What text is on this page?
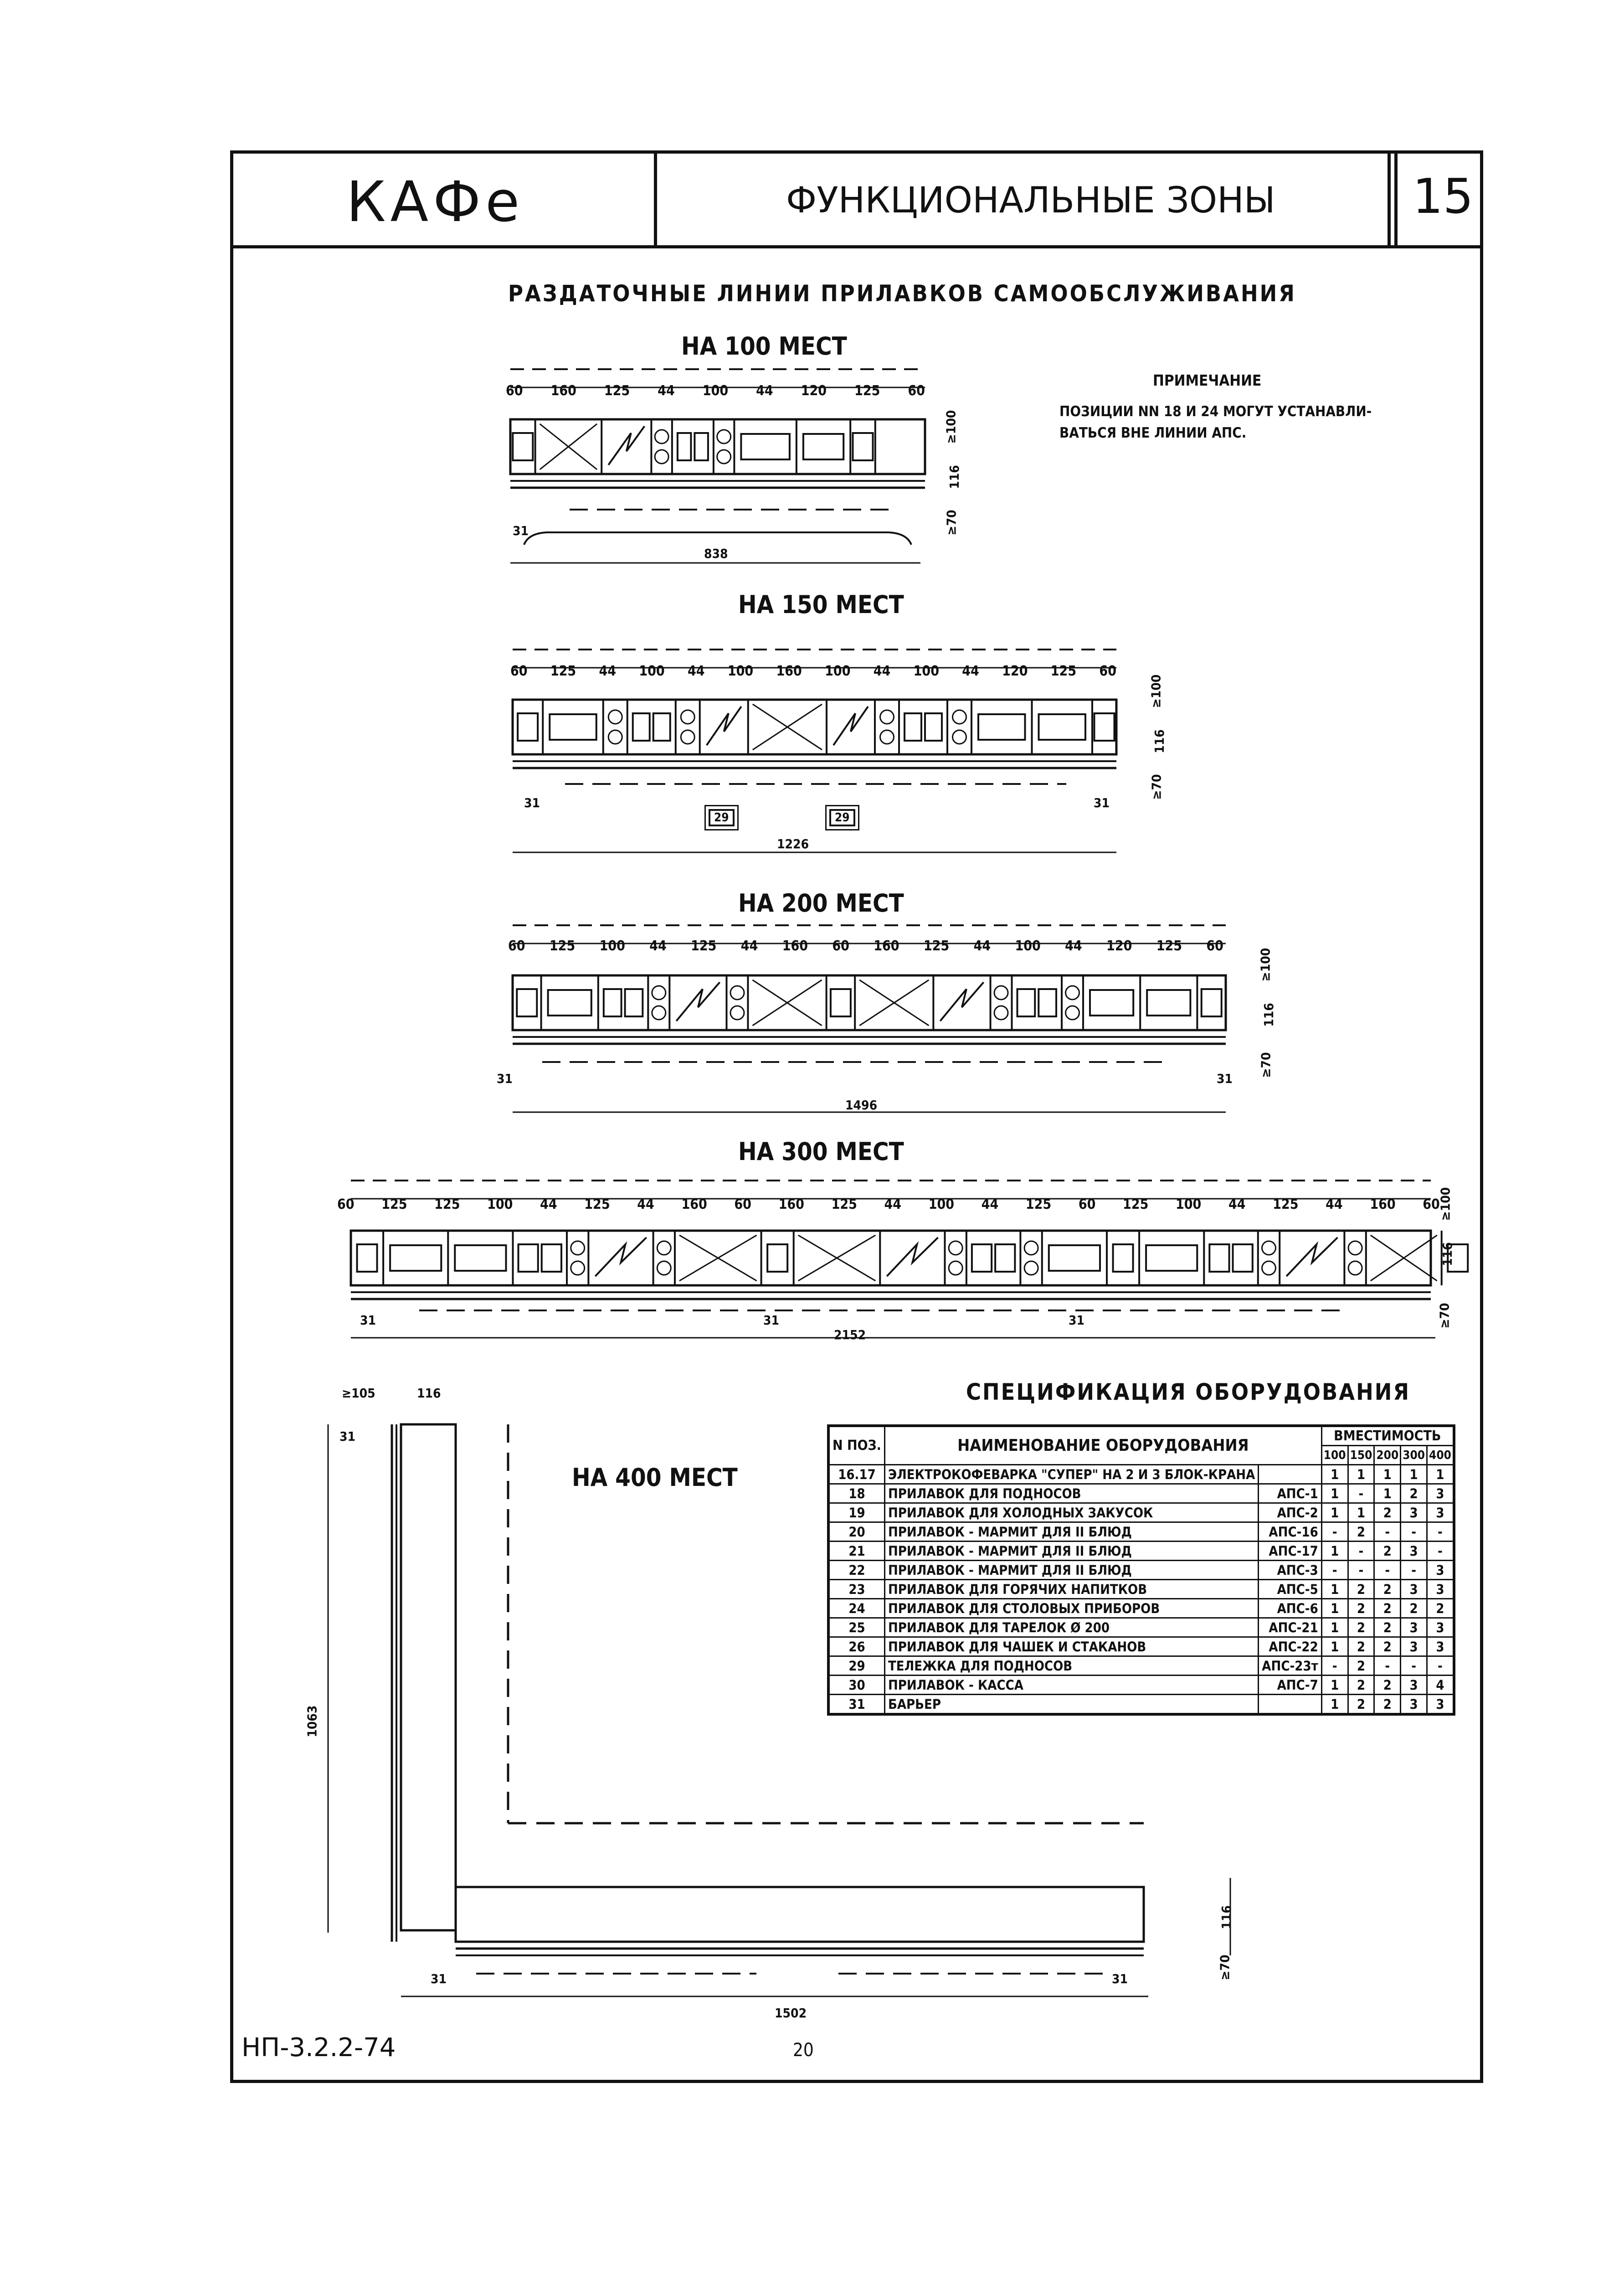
КАФе	ФУНКЦИОНАЛЬНЫЕ ЗОНЫ	15
РАЗДАТОЧНЫЕ ЛИНИИ ПРИЛАВКОВ САМООБСЛУЖИВАНИЯ
ПРИМЕЧАНИЕ
ПОЗИЦИИ NN 18 И 24 МОГУТ УСТАНАВЛИ-
ВАТЬСЯ ВНЕ ЛИНИИ АПС.
НА 100 МЕСТ
НА 150 МЕСТ
НА 200 МЕСТ
НА 300 МЕСТ
НА 400 МЕСТ
60 160 125 44 100 44 120 125 60
60 125 44 100 44 100 160 100 44 100 44 120 125 60
60 125 100 44 125 44 160 60 160 125 44 100 44 120 125 60
60 125 125 100 44 125 44 160 60 160 125 44 100 44 125 60 125 100 44 125 44 160 60
838
1226
1496
2152
1502
≥100
116
≥70
≥100
116
≥70
≥100
116
≥70
≥100
116
≥70
116
≥70
≥105	116
1063
31
31	31
31	31
31	31	31
31
31	31
29	29
СПЕЦИФИКАЦИЯ ОБОРУДОВАНИЯ
N ПОЗ.	НАИМЕНОВАНИЕ ОБОРУДОВАНИЯ		ВМЕСТИМОСТЬ				
			100	150	200	300	400
16.17	ЭЛЕКТРОКОФЕВАРКА "СУПЕР" НА 2 И 3 БЛОК-КРАНА		1	1	1	1	1
18	ПРИЛАВОК ДЛЯ ПОДНОСОВ	АПС-1	1	-	1	2	3
19	ПРИЛАВОК ДЛЯ ХОЛОДНЫХ ЗАКУСОК	АПС-2	1	1	2	3	3
20	ПРИЛАВОК - МАРМИТ ДЛЯ II БЛЮД	АПС-16	-	2	-	-	-
21	ПРИЛАВОК - МАРМИТ ДЛЯ II БЛЮД	АПС-17	1	-	2	3	-
22	ПРИЛАВОК - МАРМИТ ДЛЯ II БЛЮД	АПС-3	-	-	-	-	3
23	ПРИЛАВОК ДЛЯ ГОРЯЧИХ НАПИТКОВ	АПС-5	1	2	2	3	3
24	ПРИЛАВОК ДЛЯ СТОЛОВЫХ ПРИБОРОВ	АПС-6	1	2	2	2	2
25	ПРИЛАВОК ДЛЯ ТАРЕЛОК Ø 200	АПС-21	1	2	2	3	3
26	ПРИЛАВОК ДЛЯ ЧАШЕК И СТАКАНОВ	АПС-22	1	2	2	3	3
29	ТЕЛЕЖКА ДЛЯ ПОДНОСОВ	АПС-23т	-	2	-	-	-
30	ПРИЛАВОК - КАССА	АПС-7	1	2	2	3	4
31	БАРЬЕР		1	2	2	3	3
НП-3.2.2-74	20
